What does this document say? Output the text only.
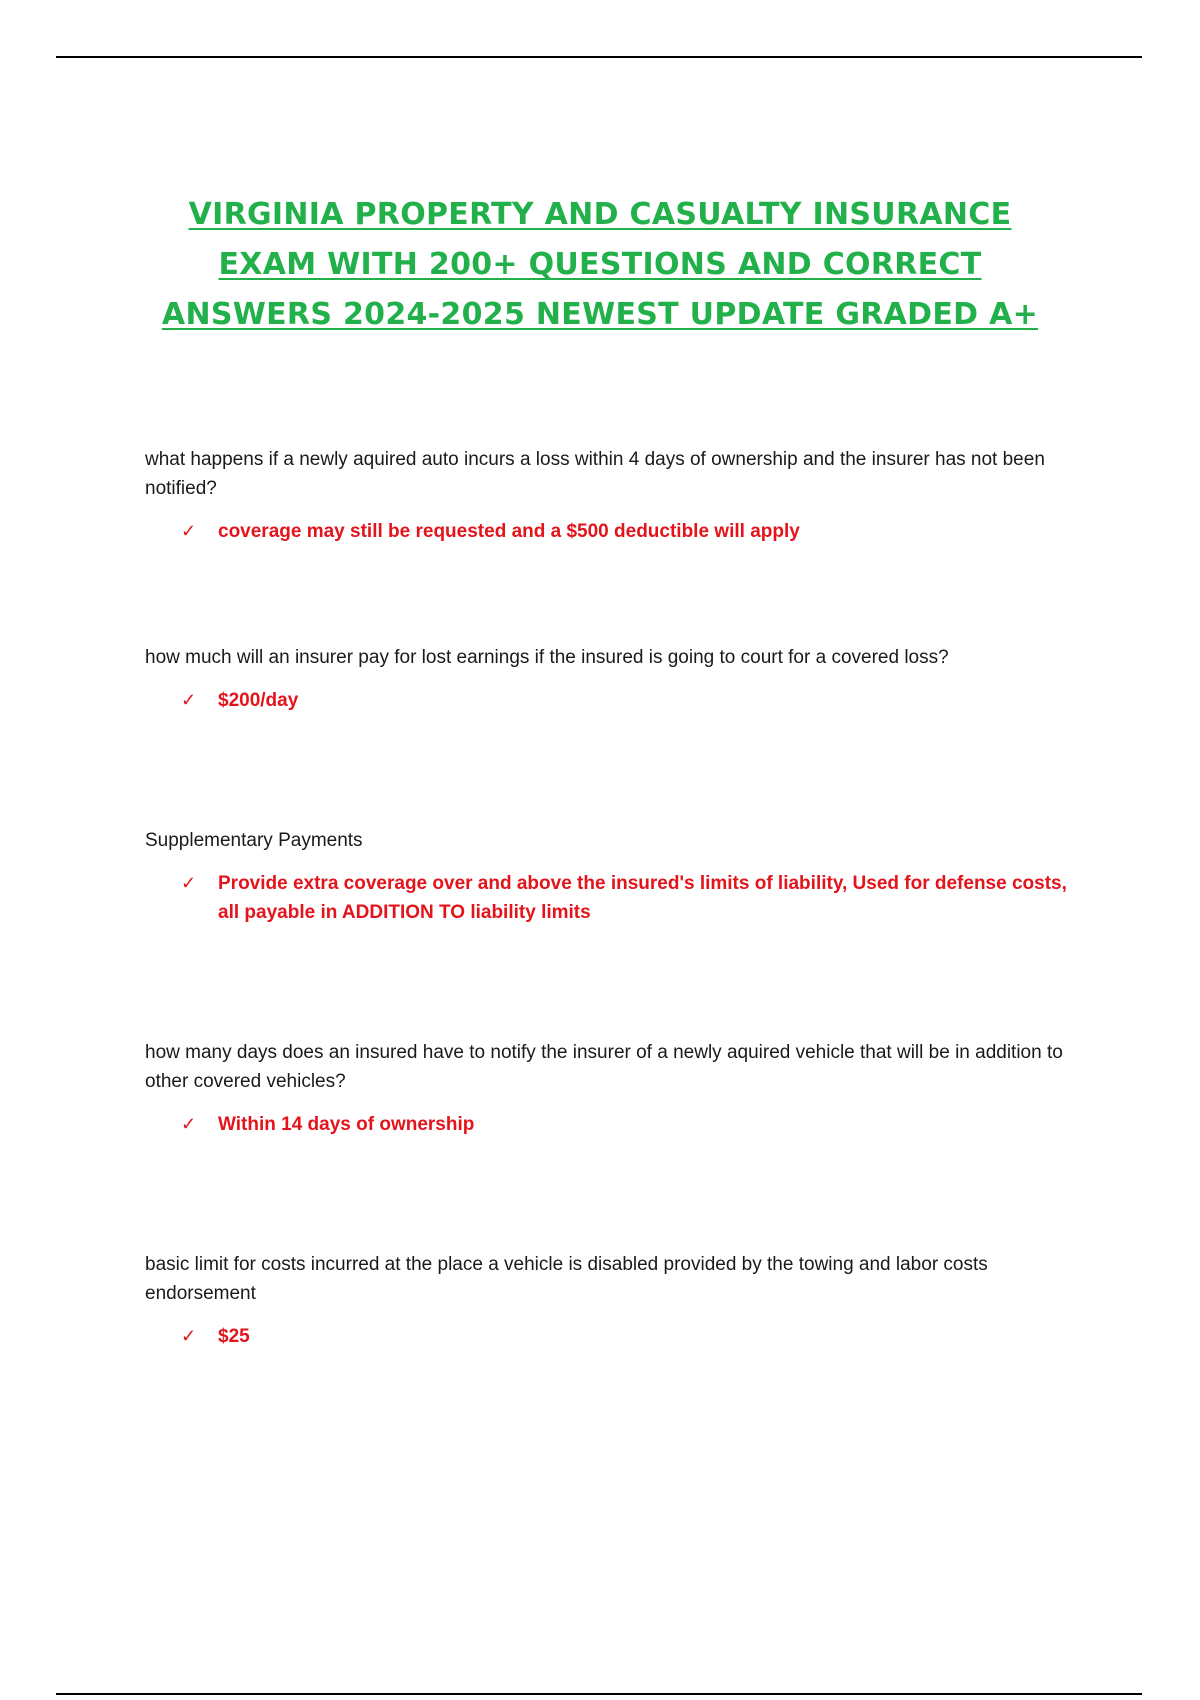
VIRGINIA PROPERTY AND CASUALTY INSURANCE EXAM WITH 200+ QUESTIONS AND CORRECT ANSWERS 2024-2025 NEWEST UPDATE GRADED A+
what happens if a newly aquired auto incurs a loss within 4 days of ownership and the insurer has not been notified?
✓ coverage may still be requested and a $500 deductible will apply
how much will an insurer pay for lost earnings if the insured is going to court for a covered loss?
✓ $200/day
Supplementary Payments
✓ Provide extra coverage over and above the insured's limits of liability, Used for defense costs, all payable in ADDITION TO liability limits
how many days does an insured have to notify the insurer of a newly aquired vehicle that will be in addition to other covered vehicles?
✓ Within 14 days of ownership
basic limit for costs incurred at the place a vehicle is disabled provided by the towing and labor costs endorsement
✓ $25
